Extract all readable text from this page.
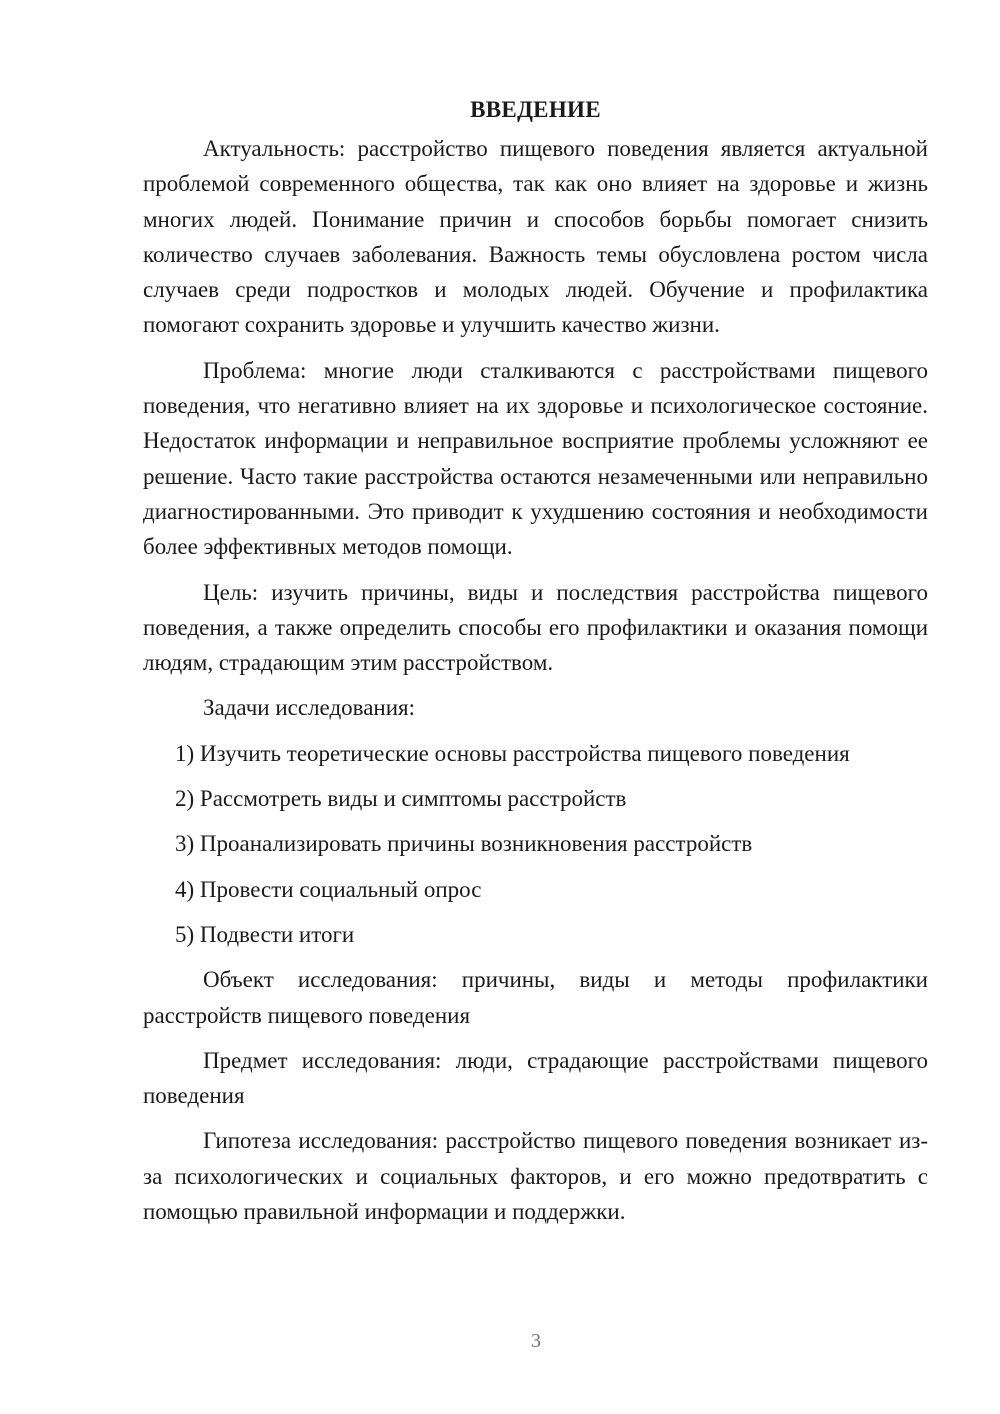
ВВЕДЕНИЕ

Актуальность: расстройство пищевого поведения является актуальной проблемой современного общества, так как оно влияет на здоровье и жизнь многих людей. Понимание причин и способов борьбы помогает снизить количество случаев заболевания. Важность темы обусловлена ростом числа случаев среди подростков и молодых людей. Обучение и профилактика помогают сохранить здоровье и улучшить качество жизни.

Проблема: многие люди сталкиваются с расстройствами пищевого поведения, что негативно влияет на их здоровье и психологическое состояние. Недостаток информации и неправильное восприятие проблемы усложняют ее решение. Часто такие расстройства остаются незамеченными или неправильно диагностированными. Это приводит к ухудшению состояния и необходимости более эффективных методов помощи.

Цель: изучить причины, виды и последствия расстройства пищевого поведения, а также определить способы его профилактики и оказания помощи людям, страдающим этим расстройством.

Задачи исследования:

1) Изучить теоретические основы расстройства пищевого поведения

2) Рассмотреть виды и симптомы расстройств

3) Проанализировать причины возникновения расстройств

4) Провести социальный опрос

5) Подвести итоги

Объект исследования: причины, виды и методы профилактики расстройств пищевого поведения

Предмет исследования: люди, страдающие расстройствами пищевого поведения

Гипотеза исследования: расстройство пищевого поведения возникает из-за психологических и социальных факторов, и его можно предотвратить с помощью правильной информации и поддержки.

3
